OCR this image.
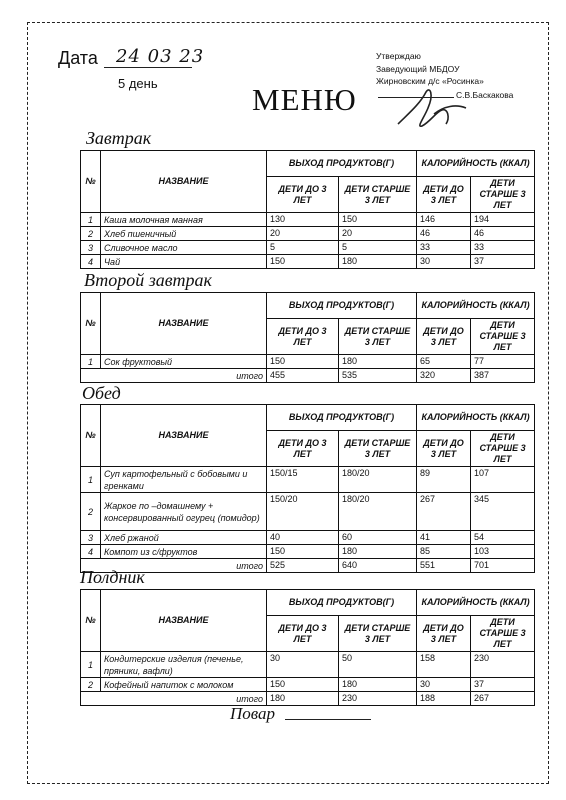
Дата 24 03 23
5 день
Утверждаю
Заведующий МБДОУ
Жирновским д/с «Росинка»
С.В.Баскакова
МЕНЮ
Завтрак
№	НАЗВАНИЕ	ВЫХОД ПРОДУКТОВ(Г)		КАЛОРИЙНОСТЬ (ККАЛ)	
		ДЕТИ ДО 3 ЛЕТ	ДЕТИ СТАРШЕ 3 ЛЕТ	ДЕТИ ДО 3 ЛЕТ	ДЕТИ СТАРШЕ 3 ЛЕТ
1	Каша молочная манная	130	150	146	194
2	Хлеб пшеничный	20	20	46	46
3	Сливочное масло	5	5	33	33
4	Чай	150	180	30	37
Второй завтрак
№	НАЗВАНИЕ	ВЫХОД ПРОДУКТОВ(Г)		КАЛОРИЙНОСТЬ (ККАЛ)	
		ДЕТИ ДО 3 ЛЕТ	ДЕТИ СТАРШЕ 3 ЛЕТ	ДЕТИ ДО 3 ЛЕТ	ДЕТИ СТАРШЕ 3 ЛЕТ
1	Сок фруктовый	150	180	65	77
итого		455	535	320	387
Обед
№	НАЗВАНИЕ	ВЫХОД ПРОДУКТОВ(Г)		КАЛОРИЙНОСТЬ (ККАЛ)	
		ДЕТИ ДО 3 ЛЕТ	ДЕТИ СТАРШЕ 3 ЛЕТ	ДЕТИ ДО 3 ЛЕТ	ДЕТИ СТАРШЕ 3 ЛЕТ
1	Суп картофельный с бобовыми и гренками	150/15	180/20	89	107
2	Жаркое по –домашнему + консервированный огурец (помидор)	150/20	180/20	267	345
3	Хлеб ржаной	40	60	41	54
4	Компот из с/фруктов	150	180	85	103
итого		525	640	551	701
Полдник
№	НАЗВАНИЕ	ВЫХОД ПРОДУКТОВ(Г)		КАЛОРИЙНОСТЬ (ККАЛ)	
		ДЕТИ ДО 3 ЛЕТ	ДЕТИ СТАРШЕ 3 ЛЕТ	ДЕТИ ДО 3 ЛЕТ	ДЕТИ СТАРШЕ 3 ЛЕТ
1	Кондитерские изделия (печенье, пряники, вафли)	30	50	158	230
2	Кофейный напиток с молоком	150	180	30	37
итого		180	230	188	267
Повар
